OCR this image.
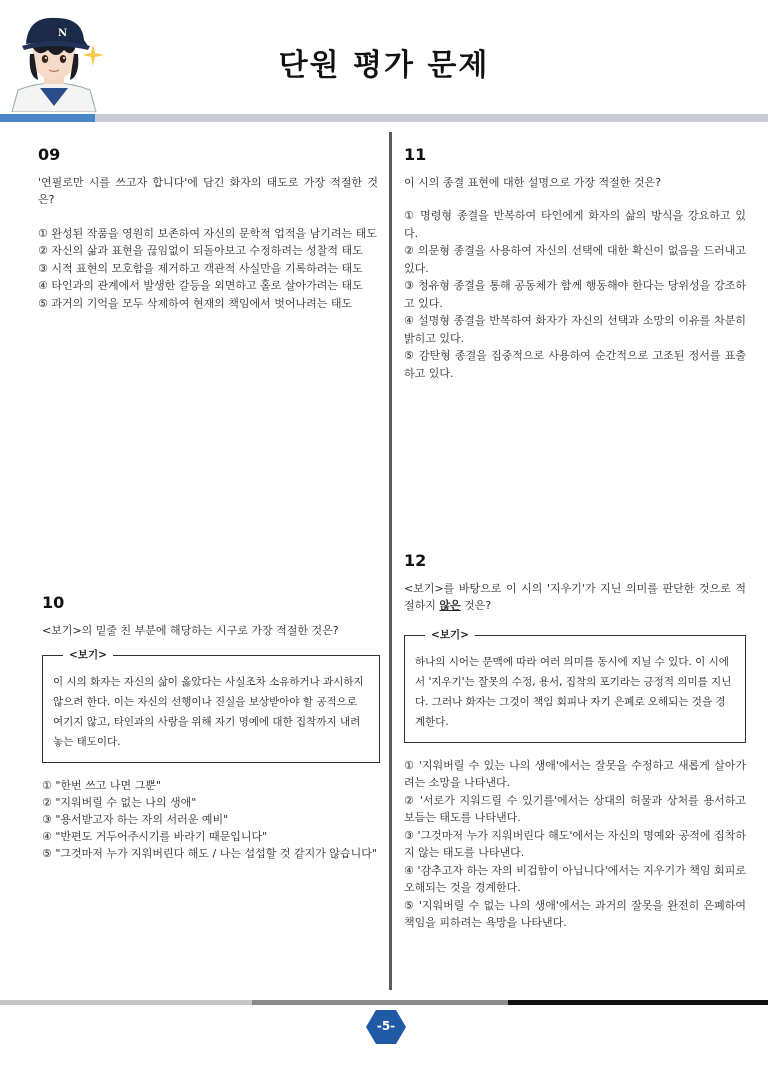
N
단원 평가 문제
09
'연필로만 시를 쓰고자 합니다'에 담긴 화자의 태도로 가장 적절한 것은?
① 완성된 작품을 영원히 보존하여 자신의 문학적 업적을 남기려는 태도
② 자신의 삶과 표현을 끊임없이 되돌아보고 수정하려는 성찰적 태도
③ 시적 표현의 모호함을 제거하고 객관적 사실만을 기록하려는 태도
④ 타인과의 관계에서 발생한 갈등을 외면하고 홀로 살아가려는 태도
⑤ 과거의 기억을 모두 삭제하여 현재의 책임에서 벗어나려는 태도
10
<보기>의 밑줄 친 부분에 해당하는 시구로 가장 적절한 것은?
<보기>
이 시의 화자는 자신의 삶이 옳았다는 사실조차 소유하거나 과시하지 않으려 한다. 이는 자신의 선행이나 진실을 보상받아야 할 공적으로 여기지 않고, 타인과의 사랑을 위해 자기 명예에 대한 집착까지 내려놓는 태도이다.
① "한번 쓰고 나면 그뿐"
② "지워버릴 수 없는 나의 생애"
③ "용서받고자 하는 자의 서러운 예비"
④ "반편도 거두어주시기를 바라기 때문입니다"
⑤ "그것마저 누가 지워버린다 해도 / 나는 섭섭할 것 같지가 않습니다"
11
이 시의 종결 표현에 대한 설명으로 가장 적절한 것은?
① 명령형 종결을 반복하여 타인에게 화자의 삶의 방식을 강요하고 있다.
② 의문형 종결을 사용하여 자신의 선택에 대한 확신이 없음을 드러내고 있다.
③ 청유형 종결을 통해 공동체가 함께 행동해야 한다는 당위성을 강조하고 있다.
④ 설명형 종결을 반복하여 화자가 자신의 선택과 소망의 이유를 차분히 밝히고 있다.
⑤ 감탄형 종결을 집중적으로 사용하여 순간적으로 고조된 정서를 표출하고 있다.
12
<보기>를 바탕으로 이 시의 '지우기'가 지닌 의미를 판단한 것으로 적절하지 않은 것은?
<보기>
하나의 시어는 문맥에 따라 여러 의미를 동시에 지닐 수 있다. 이 시에서 '지우기'는 잘못의 수정, 용서, 집착의 포기라는 긍정적 의미를 지닌다. 그러나 화자는 그것이 책임 회피나 자기 은폐로 오해되는 것을 경계한다.
① '지워버릴 수 있는 나의 생애'에서는 잘못을 수정하고 새롭게 살아가려는 소망을 나타낸다.
② '서로가 지워드릴 수 있기를'에서는 상대의 허물과 상처를 용서하고 보듬는 태도를 나타낸다.
③ '그것마저 누가 지워버린다 해도'에서는 자신의 명예와 공적에 집착하지 않는 태도를 나타낸다.
④ '감추고자 하는 자의 비겁함이 아닙니다'에서는 지우기가 책임 회피로 오해되는 것을 경계한다.
⑤ '지워버릴 수 없는 나의 생애'에서는 과거의 잘못을 완전히 은폐하여 책임을 피하려는 욕망을 나타낸다.
-5-
